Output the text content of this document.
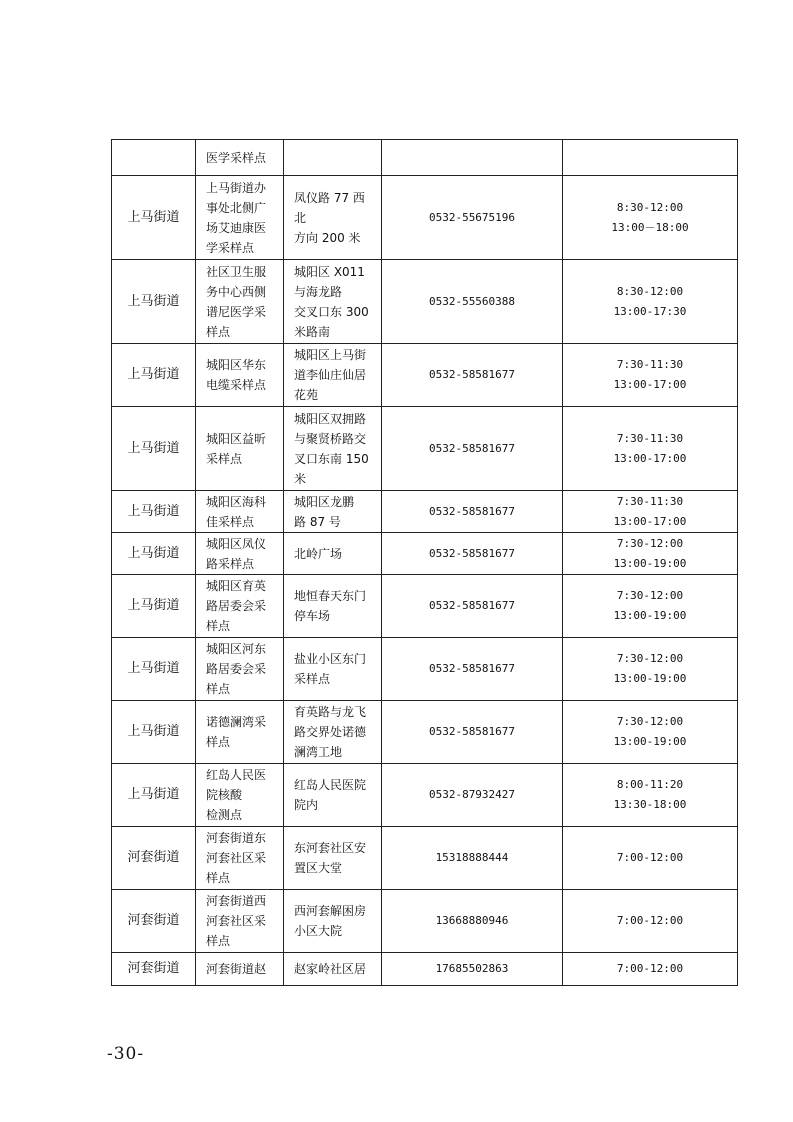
	医学采样点			
上马街道	上马街道办
事处北侧广
场艾迪康医
学采样点	凤仪路 77 西
北
方向 200 米	0532-55675196	8:30-12:00
13:00－18:00
上马街道	社区卫生服
务中心西侧
谱尼医学采
样点	城阳区 X011
与海龙路
交叉口东 300
米路南	0532-55560388	8:30-12:00
13:00-17:30
上马街道	城阳区华东
电缆采样点	城阳区上马街
道李仙庄仙居
花苑	0532-58581677	7:30-11:30
13:00-17:00
上马街道	城阳区益昕
采样点	城阳区双拥路
与聚贤桥路交
叉口东南 150
米	0532-58581677	7:30-11:30
13:00-17:00
上马街道	城阳区海科
佳采样点	城阳区龙鹏
路 87 号	0532-58581677	7:30-11:30
13:00-17:00
上马街道	城阳区凤仪
路采样点	北岭广场	0532-58581677	7:30-12:00
13:00-19:00
上马街道	城阳区育英
路居委会采
样点	地恒春天东门
停车场	0532-58581677	7:30-12:00
13:00-19:00
上马街道	城阳区河东
路居委会采
样点	盐业小区东门
采样点	0532-58581677	7:30-12:00
13:00-19:00
上马街道	诺德澜湾采
样点	育英路与龙飞
路交界处诺德
澜湾工地	0532-58581677	7:30-12:00
13:00-19:00
上马街道	红岛人民医
院核酸
检测点	红岛人民医院
院内	0532-87932427	8:00-11:20
13:30-18:00
河套街道	河套街道东
河套社区采
样点	东河套社区安
置区大堂	15318888444	7:00-12:00
河套街道	河套街道西
河套社区采
样点	西河套解困房
小区大院	13668880946	7:00-12:00
河套街道	河套街道赵	赵家岭社区居	17685502863	7:00-12:00
-30-
